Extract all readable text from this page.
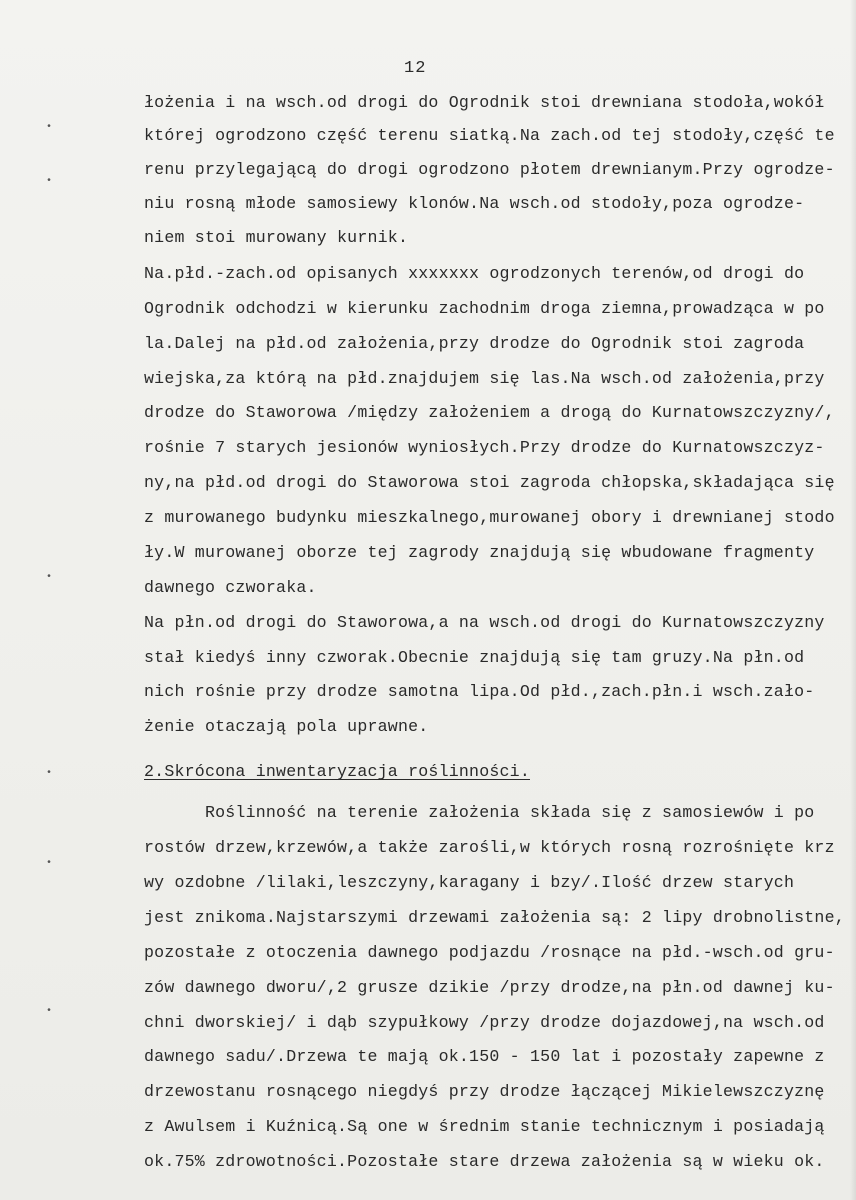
12
•
•
•
•
•
•
łożenia i na wsch.od drogi do Ogrodnik stoi drewniana stodoła,wokół
której ogrodzono część terenu siatką.Na zach.od tej stodoły,część te
renu przylegającą do drogi ogrodzono płotem drewnianym.Przy ogrodze-
niu rosną młode samosiewy klonów.Na wsch.od stodoły,poza ogrodze-
niem stoi murowany kurnik.
Na.płd.-zach.od opisanych xxxxxxx ogrodzonych terenów,od drogi do
Ogrodnik odchodzi w kierunku zachodnim droga ziemna,prowadząca w po
la.Dalej na płd.od założenia,przy drodze do Ogrodnik stoi zagroda
wiejska,za którą na płd.znajdujem się las.Na wsch.od założenia,przy
drodze do Staworowa /między założeniem a drogą do Kurnatowszczyzny/,
rośnie 7 starych jesionów wyniosłych.Przy drodze do Kurnatowszczyz-
ny,na płd.od drogi do Staworowa stoi zagroda chłopska,składająca się
z murowanego budynku mieszkalnego,murowanej obory i drewnianej stodo
ły.W murowanej oborze tej zagrody znajdują się wbudowane fragmenty
dawnego czworaka.
Na płn.od drogi do Staworowa,a na wsch.od drogi do Kurnatowszczyzny
stał kiedyś inny czworak.Obecnie znajdują się tam gruzy.Na płn.od
nich rośnie przy drodze samotna lipa.Od płd.,zach.płn.i wsch.zało-
żenie otaczają pola uprawne.
2.Skrócona inwentaryzacja roślinności.
Roślinność na terenie założenia składa się z samosiewów i po
rostów drzew,krzewów,a także zarośli,w których rosną rozrośnięte krz
wy ozdobne /lilaki,leszczyny,karagany i bzy/.Ilość drzew starych
jest znikoma.Najstarszymi drzewami założenia są: 2 lipy drobnolistne,
pozostałe z otoczenia dawnego podjazdu /rosnące na płd.-wsch.od gru-
zów dawnego dworu/,2 grusze dzikie /przy drodze,na płn.od dawnej ku-
chni dworskiej/ i dąb szypułkowy /przy drodze dojazdowej,na wsch.od
dawnego sadu/.Drzewa te mają ok.150 - 150 lat i pozostały zapewne z
drzewostanu rosnącego niegdyś przy drodze łączącej Mikielewszczyznę
z Awulsem i Kuźnicą.Są one w średnim stanie technicznym i posiadają
ok.75% zdrowotności.Pozostałe stare drzewa założenia są w wieku ok.
